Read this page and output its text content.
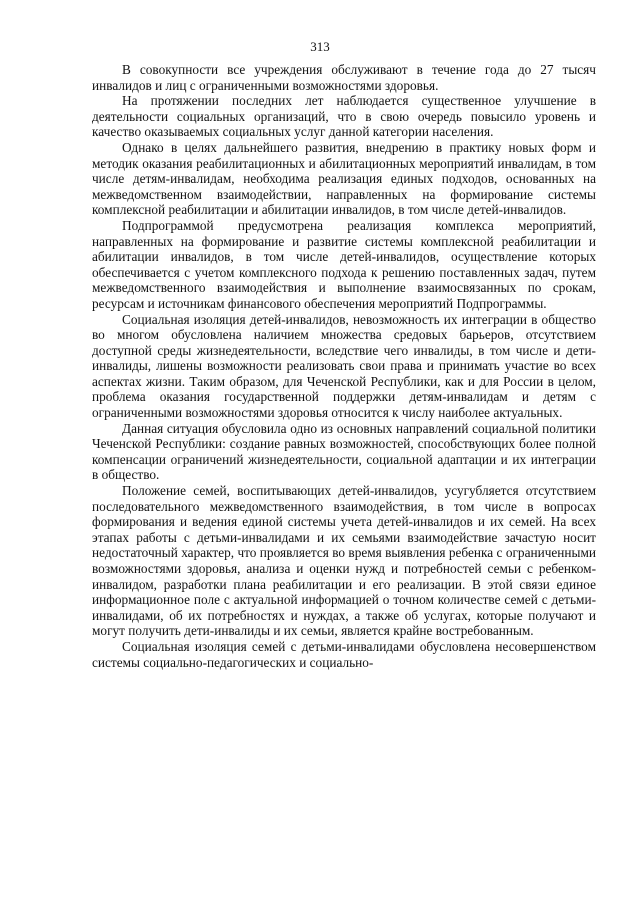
313

В совокупности все учреждения обслуживают в течение года до 27 тысяч инвалидов и лиц с ограниченными возможностями здоровья.

На протяжении последних лет наблюдается существенное улучшение в деятельности социальных организаций, что в свою очередь повысило уровень и качество оказываемых социальных услуг данной категории населения.

Однако в целях дальнейшего развития, внедрению в практику новых форм и методик оказания реабилитационных и абилитационных мероприятий инвалидам, в том числе детям-инвалидам, необходима реализация единых подходов, основанных на межведомственном взаимодействии, направленных на формирование системы комплексной реабилитации и абилитации инвалидов, в том числе детей-инвалидов.

Подпрограммой предусмотрена реализация комплекса мероприятий, направленных на формирование и развитие системы комплексной реабилитации и абилитации инвалидов, в том числе детей-инвалидов, осуществление которых обеспечивается с учетом комплексного подхода к решению поставленных задач, путем межведомственного взаимодействия и выполнение взаимосвязанных по срокам, ресурсам и источникам финансового обеспечения мероприятий Подпрограммы.

Социальная изоляция детей-инвалидов, невозможность их интеграции в общество во многом обусловлена наличием множества средовых барьеров, отсутствием доступной среды жизнедеятельности, вследствие чего инвалиды, в том числе и дети-инвалиды, лишены возможности реализовать свои права и принимать участие во всех аспектах жизни. Таким образом, для Чеченской Республики, как и для России в целом, проблема оказания государственной поддержки детям-инвалидам и детям с ограниченными возможностями здоровья относится к числу наиболее актуальных.

Данная ситуация обусловила одно из основных направлений социальной политики Чеченской Республики: создание равных возможностей, способствующих более полной компенсации ограничений жизнедеятельности, социальной адаптации и их интеграции в общество.

Положение семей, воспитывающих детей-инвалидов, усугубляется отсутствием последовательного межведомственного взаимодействия, в том числе в вопросах формирования и ведения единой системы учета детей-инвалидов и их семей. На всех этапах работы с детьми-инвалидами и их семьями взаимодействие зачастую носит недостаточный характер, что проявляется во время выявления ребенка с ограниченными возможностями здоровья, анализа и оценки нужд и потребностей семьи с ребенком-инвалидом, разработки плана реабилитации и его реализации. В этой связи единое информационное поле с актуальной информацией о точном количестве семей с детьми-инвалидами, об их потребностях и нуждах, а также об услугах, которые получают и могут получить дети-инвалиды и их семьи, является крайне востребованным.

Социальная изоляция семей с детьми-инвалидами обусловлена несовершенством системы социально-педагогических и социально-
